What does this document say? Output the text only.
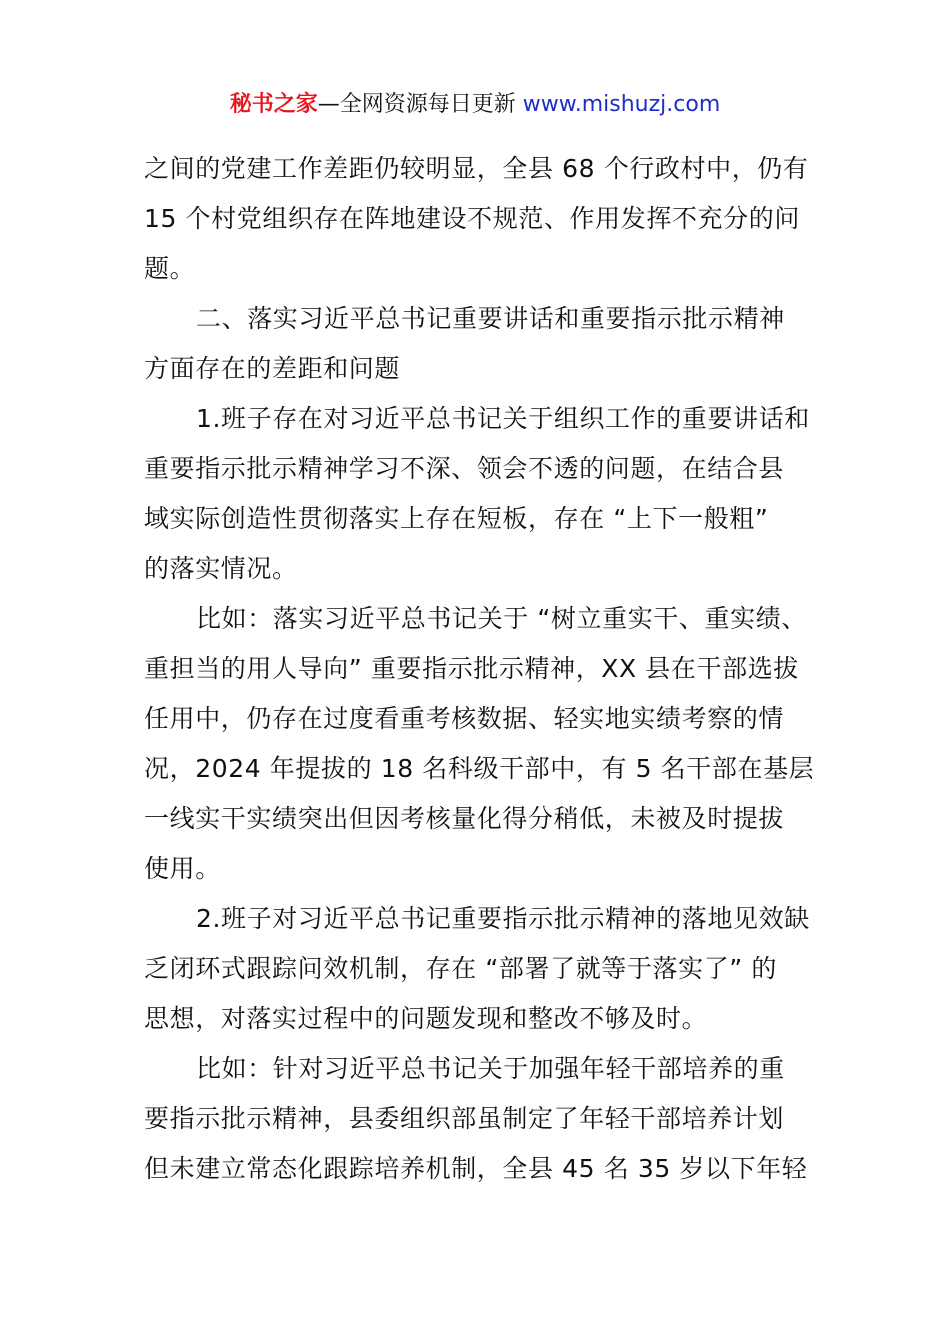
秘书之家—全网资源每日更新 www.mishuzj.com
之间的党建工作差距仍较明显，全县 68 个行政村中，仍有
15 个村党组织存在阵地建设不规范、作用发挥不充分的问
题。
二、落实习近平总书记重要讲话和重要指示批示精神
方面存在的差距和问题
1.班子存在对习近平总书记关于组织工作的重要讲话和
重要指示批示精神学习不深、领会不透的问题，在结合县
域实际创造性贯彻落实上存在短板，存在 “上下一般粗”
的落实情况。
比如：落实习近平总书记关于 “树立重实干、重实绩、
重担当的用人导向” 重要指示批示精神，XX 县在干部选拔
任用中，仍存在过度看重考核数据、轻实地实绩考察的情
况，2024 年提拔的 18 名科级干部中，有 5 名干部在基层
一线实干实绩突出但因考核量化得分稍低，未被及时提拔
使用。
2.班子对习近平总书记重要指示批示精神的落地见效缺
乏闭环式跟踪问效机制，存在 “部署了就等于落实了” 的
思想，对落实过程中的问题发现和整改不够及时。
比如：针对习近平总书记关于加强年轻干部培养的重
要指示批示精神，县委组织部虽制定了年轻干部培养计划
但未建立常态化跟踪培养机制，全县 45 名 35 岁以下年轻
